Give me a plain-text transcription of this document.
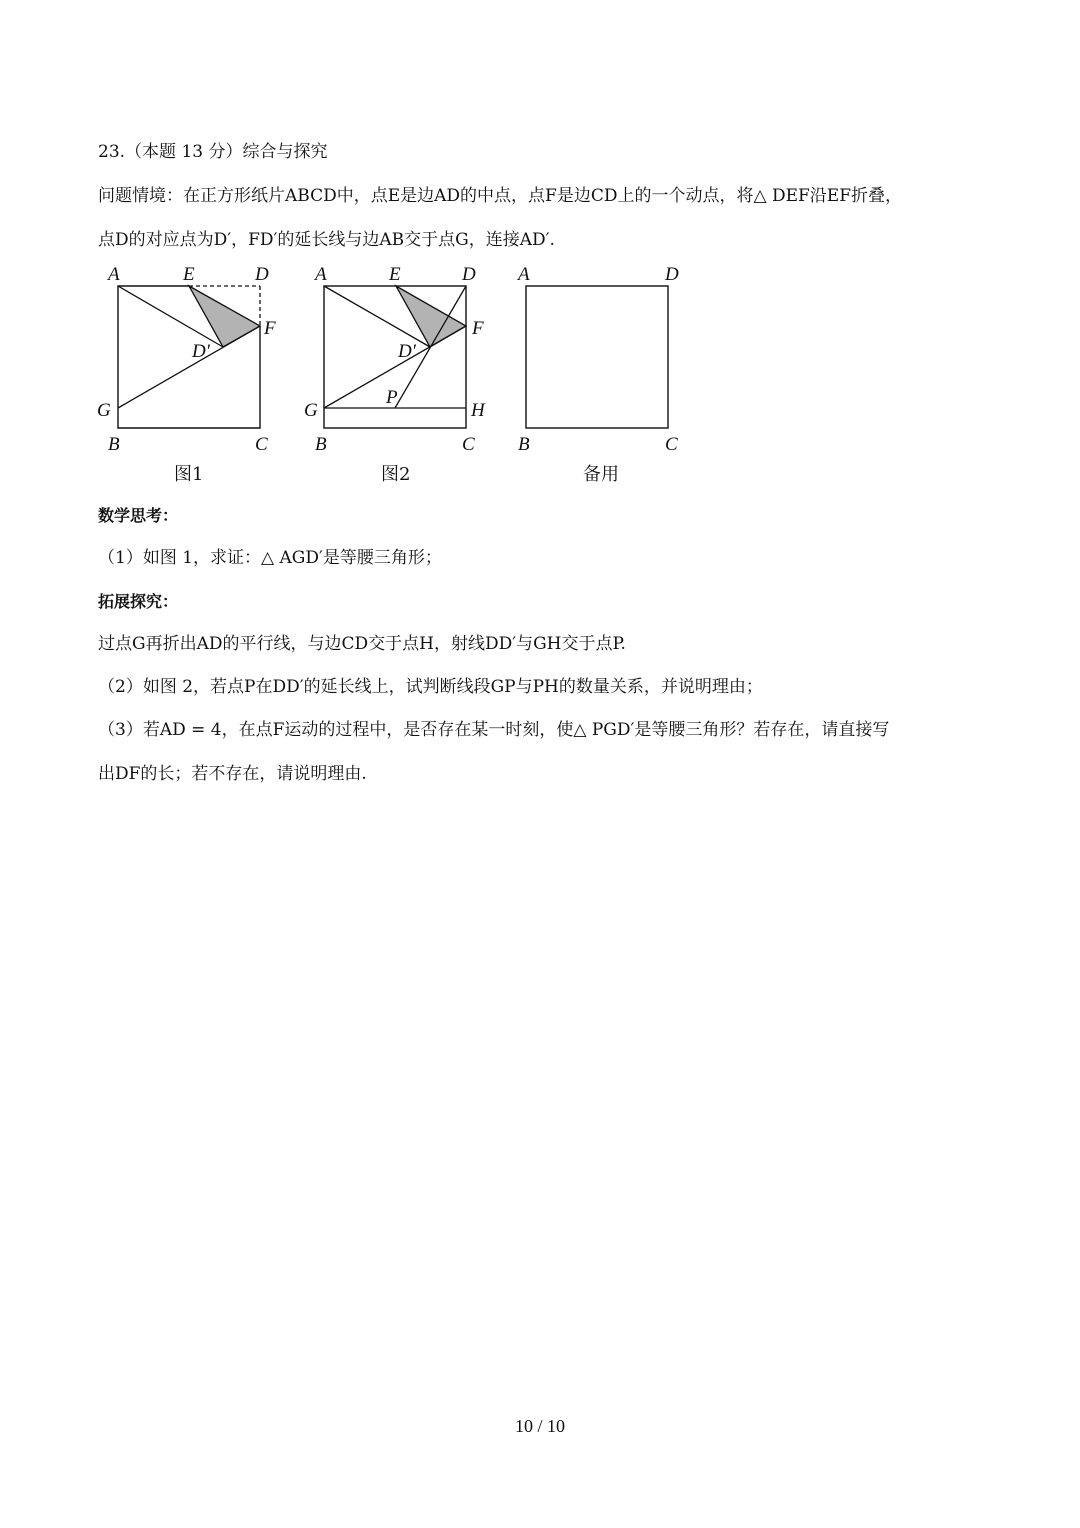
23.（本题 13 分）综合与探究
问题情境：在正方形纸片ABCD中，点E是边AD的中点，点F是边CD上的一个动点，将△ DEF沿EF折叠，
点D的对应点为D′，FD′的延长线与边AB交于点G，连接AD′.
A	E	D
F
D′
G
B	C
图1
A	E	D
F
D′
G
P
H
B	C
图2
A	D
B	C
备用
数学思考：
（1）如图 1，求证：△ AGD′是等腰三角形；
拓展探究：
过点G再折出AD的平行线，与边CD交于点H，射线DD′与GH交于点P.
（2）如图 2，若点P在DD′的延长线上，试判断线段GP与PH的数量关系，并说明理由；
（3）若AD = 4，在点F运动的过程中，是否存在某一时刻，使△ PGD′是等腰三角形？若存在，请直接写
出DF的长；若不存在，请说明理由.
10 / 10
